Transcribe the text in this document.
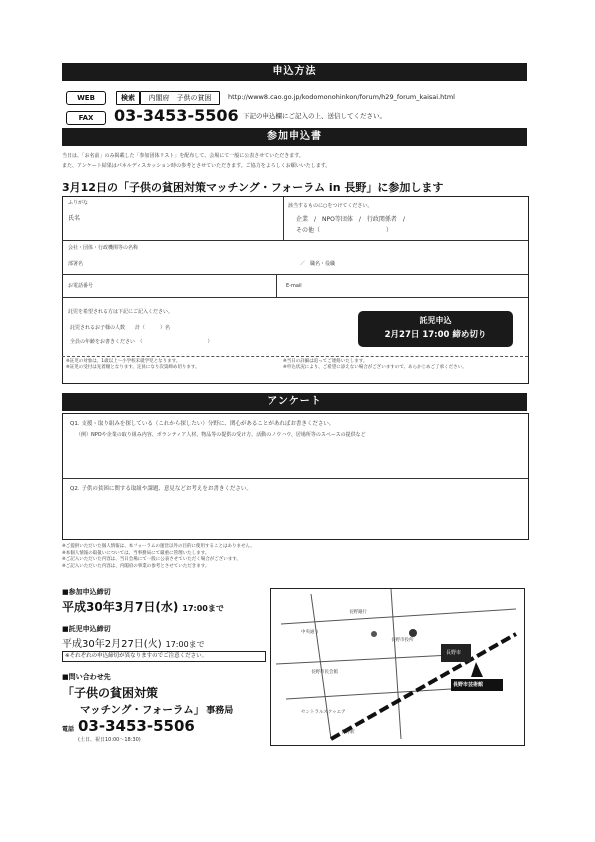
申込方法
WEB	検索	内閣府　子供の貧困	http://www8.cao.go.jp/kodomonohinkon/forum/h29_forum_kaisai.html
FAX	03-3453-5506 下記の申込欄にご記入の上、送信してください。
参加申込書
当日は、「お名前」のみ掲載した「参加団体リスト」を配布して、会場にて一般に公表させていただきます。
また、アンケート結果はパネルディスカッション時の参考とさせていただきます。ご協力をよろしくお願いいたします。
3月12日の「子供の貧困対策マッチング・フォーラム in 長野」に参加します
ふりがな
氏名
該当するものに○をつけてください。
企業　/　NPO等団体　/　行政関係者　/
その他（　　　　　　　　　　　）
会社・団体・行政機関等の名称
部署名	／　職名・役職
お電話番号	E-mail
託児を希望される方は下記にご記入ください。
託児されるお子様の人数　　計（　　　）名
全員の年齢をお書きください　（　　　　　　　　　　　　　）
託児申込
2月27日 17:00 締め切り
※託児の対象は、1歳以上～小学校未就学児となります。
※託児の受付は先着順となります。定員になり次第締め切ります。
※当日の詳細は追ってご連絡いたします。
※申込状況により、ご希望に添えない場合がございますので、あらかじめご了承ください。
アンケート
Q1. 支援・取り組みを探している（これから探したい）分野に、関心があることがあればお書きください。
（例）NPOや企業の取り組み内容、ボランティア人材、物品等の提供の受け方、活動のノウハウ、居場所等のスペースの提供など
Q2. 子供の貧困に関する取組や課題、意見などお考えをお書きください。
※ご提供いただいた個人情報は、本フォーラムの運営以外の目的に使用することはありません。
※本個人情報の取扱いについては、当事務局にて厳重に管理いたします。
※ご記入いただいた内容は、当日会場にて一般に公表させていただく場合がございます。
※ご記入いただいた内容は、内閣府の事業の参考とさせていただきます。
■参加申込締切
平成30年3月7日(水) 17:00まで
■託児申込締切
平成30年2月27日(火) 17:00まで
※それぞれの申込締切が異なりますのでご注意ください。
■問い合わせ先
「子供の貧困対策
マッチング・フォーラム」 事務局
電話 03-3453-5506
(土日、祝日10:00～18:30)
長野銀行
中央通り
長野市役所
長野市民会館
セントラルスクゥエア
長野駅
長野市
長野市芸術館
